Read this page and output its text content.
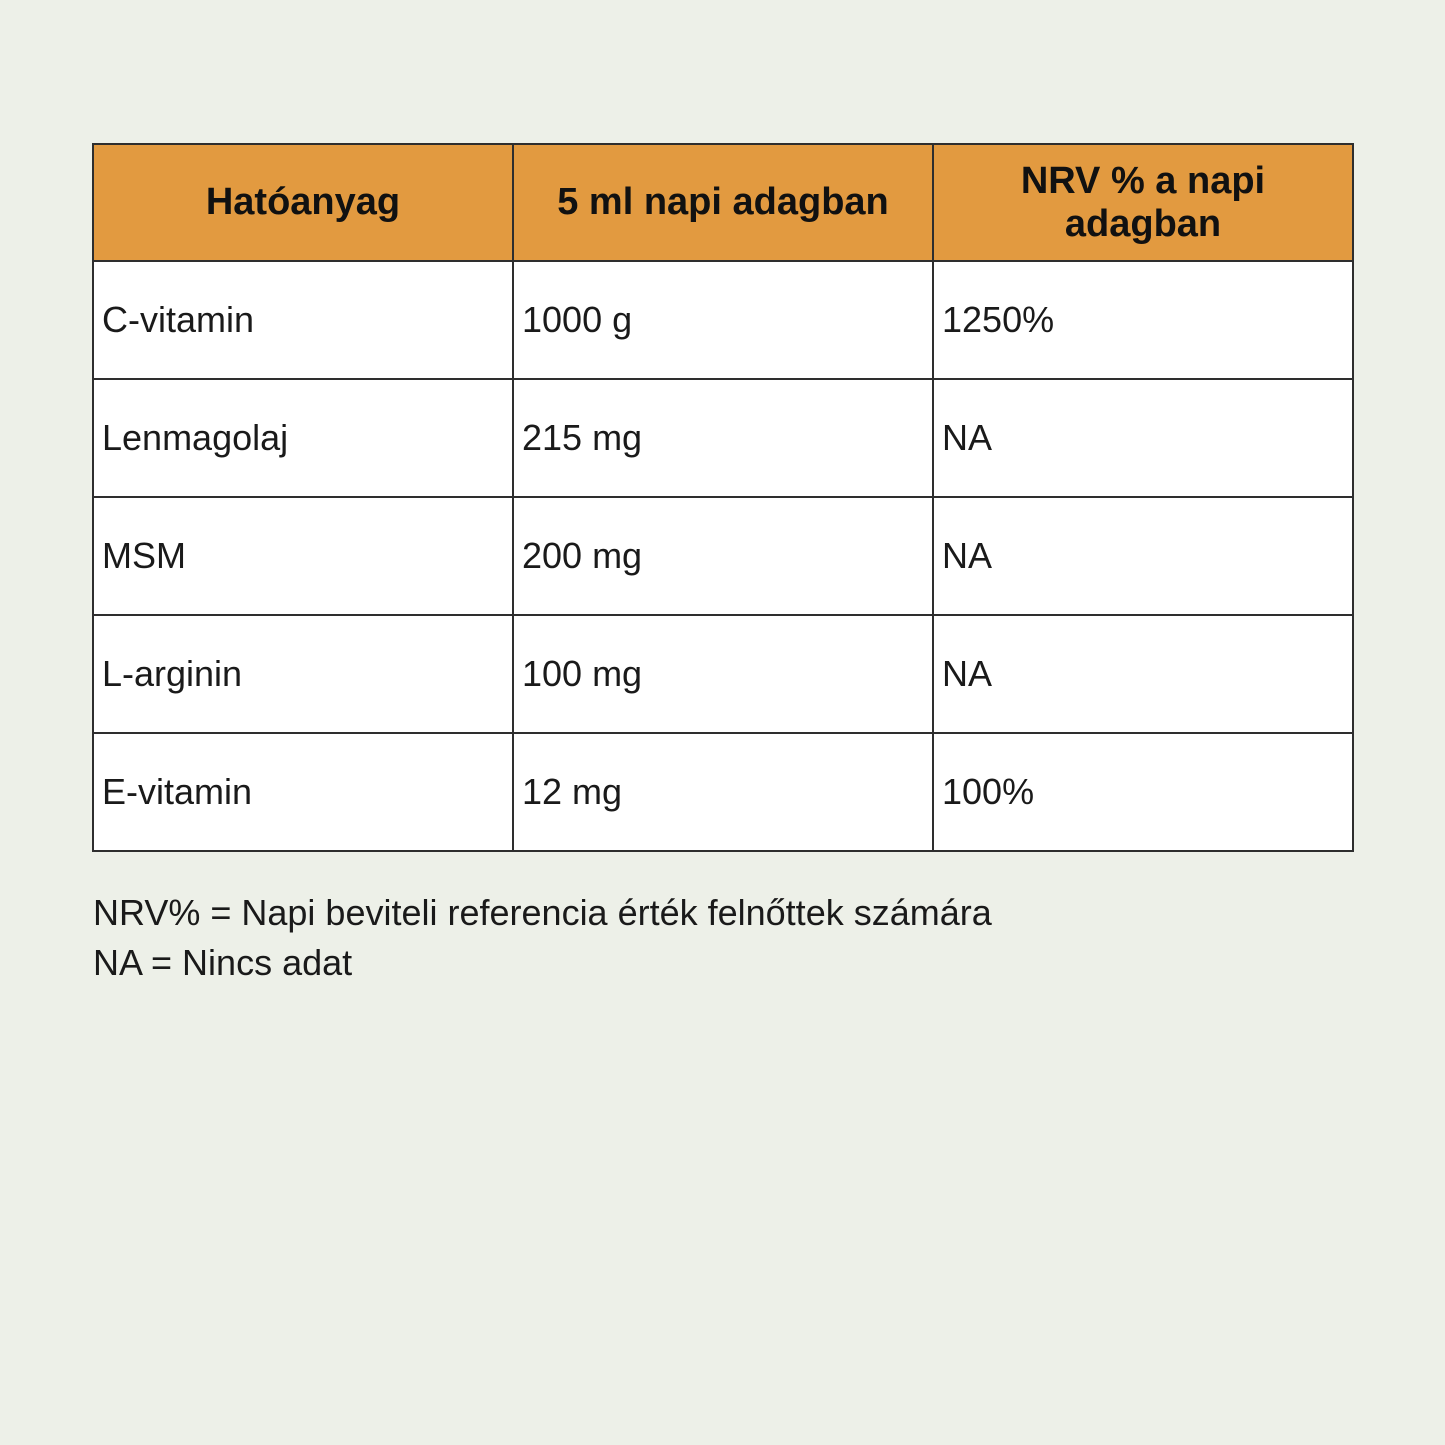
Hatóanyag	5 ml napi adagban	NRV % a napi adagban
C-vitamin	1000 g	1250%
Lenmagolaj	215 mg	NA
MSM	200 mg	NA
L-arginin	100 mg	NA
E-vitamin	12 mg	100%

NRV% = Napi beviteli referencia érték felnőttek számára

NA = Nincs adat
